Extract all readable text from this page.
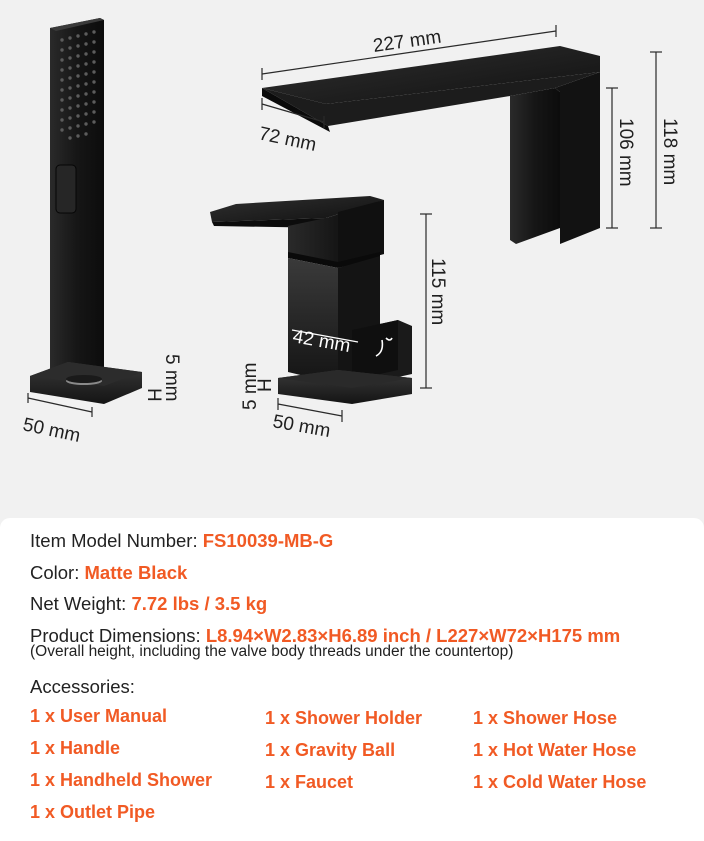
50 mm
H
5 mm
227 mm
72 mm	106 mm 118 mm
115 mm
42 mm
50 mm
5 mm
H
Item Model Number: FS10039-MB-G
Color: Matte Black
Net Weight: 7.72 lbs / 3.5 kg
Product Dimensions: L8.94×W2.83×H6.89 inch / L227×W72×H175 mm
(Overall height, including the valve body threads under the countertop)
Accessories:
1 x User Manual	1 x Shower Holder	1 x Shower Hose
1 x Handle	1 x Gravity Ball	1 x Hot Water Hose
1 x Handheld Shower	1 x Faucet	1 x Cold Water Hose
1 x Outlet Pipe
